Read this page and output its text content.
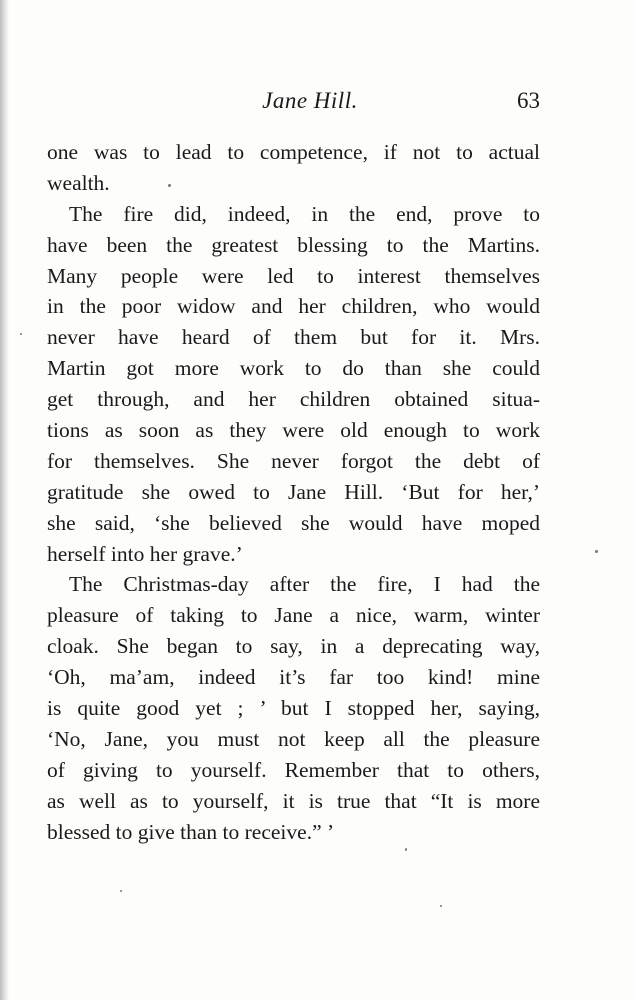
Jane Hill.	63
one was to lead to competence, if not to actual
wealth.
The fire did, indeed, in the end, prove to
have been the greatest blessing to the Martins.
Many people were led to interest themselves
in the poor widow and her children, who would
never have heard of them but for it. Mrs.
Martin got more work to do than she could
get through, and her children obtained situa-
tions as soon as they were old enough to work
for themselves. She never forgot the debt of
gratitude she owed to Jane Hill. ‘But for her,’
she said, ‘she believed she would have moped
herself into her grave.’
The Christmas-day after the fire, I had the
pleasure of taking to Jane a nice, warm, winter
cloak. She began to say, in a deprecating way,
‘Oh, ma’am, indeed it’s far too kind! mine
is quite good yet ; ’ but I stopped her, saying,
‘No, Jane, you must not keep all the pleasure
of giving to yourself. Remember that to others,
as well as to yourself, it is true that “It is more
blessed to give than to receive.” ’
